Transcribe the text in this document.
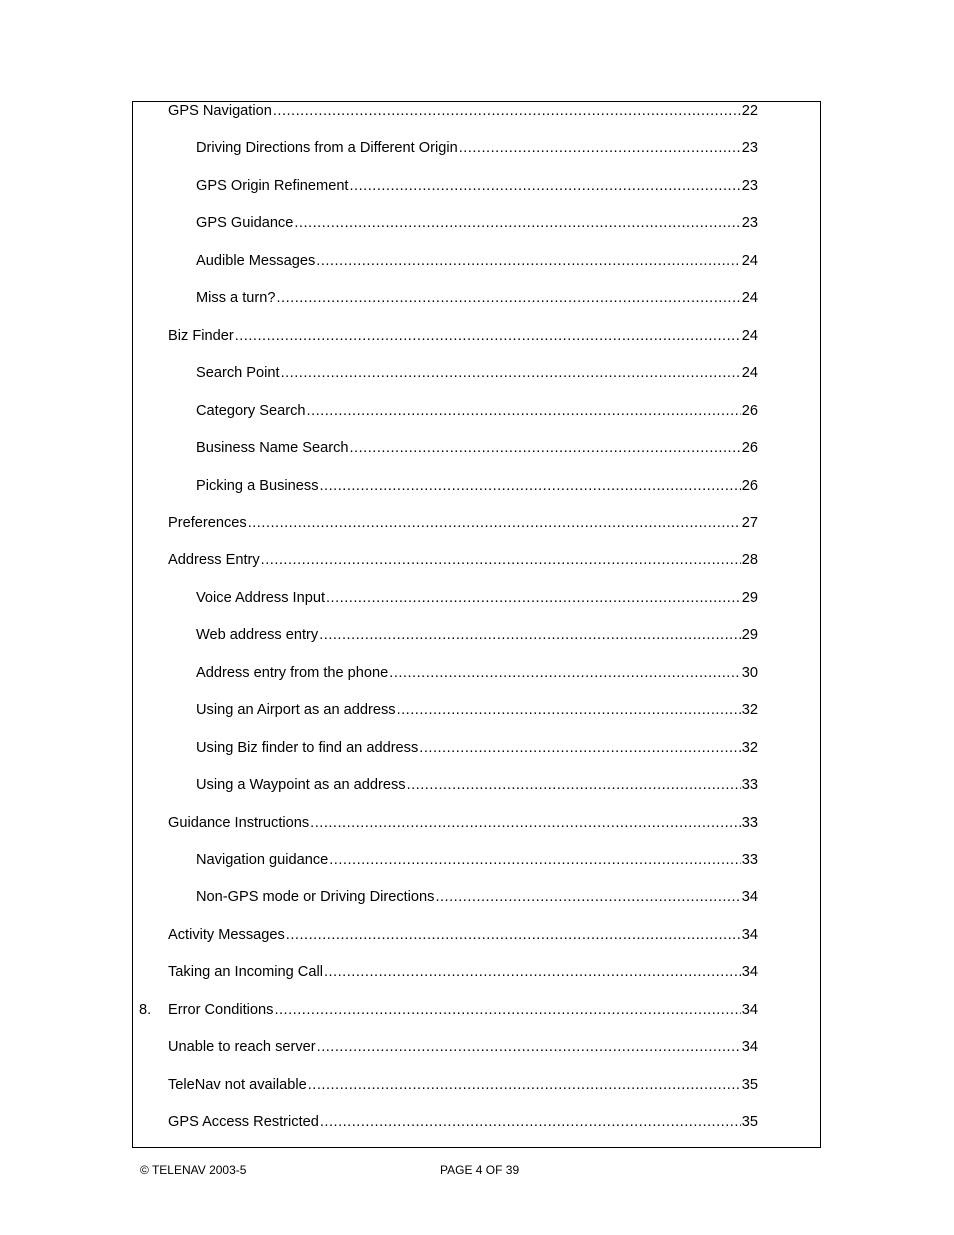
GPS Navigation .....	22
Driving Directions from a Different Origin .....	23
GPS Origin Refinement .....	23
GPS Guidance .....	23
Audible Messages .....	24
Miss a turn? .....	24
Biz Finder .....	24
Search Point .....	24
Category Search .....	26
Business Name Search .....	26
Picking a Business .....	26
Preferences .....	27
Address Entry .....	28
Voice Address Input .....	29
Web address entry .....	29
Address entry from the phone .....	30
Using an Airport as an address .....	32
Using Biz finder to find an address .....	32
Using a Waypoint as an address .....	33
Guidance Instructions .....	33
Navigation guidance .....	33
Non-GPS mode or Driving Directions .....	34
Activity Messages .....	34
Taking an Incoming Call .....	34
8. Error Conditions .....	34
Unable to reach server .....	34
TeleNav not available .....	35
GPS Access Restricted .....	35
© TELENAV 2003-5	PAGE 4 OF 39
